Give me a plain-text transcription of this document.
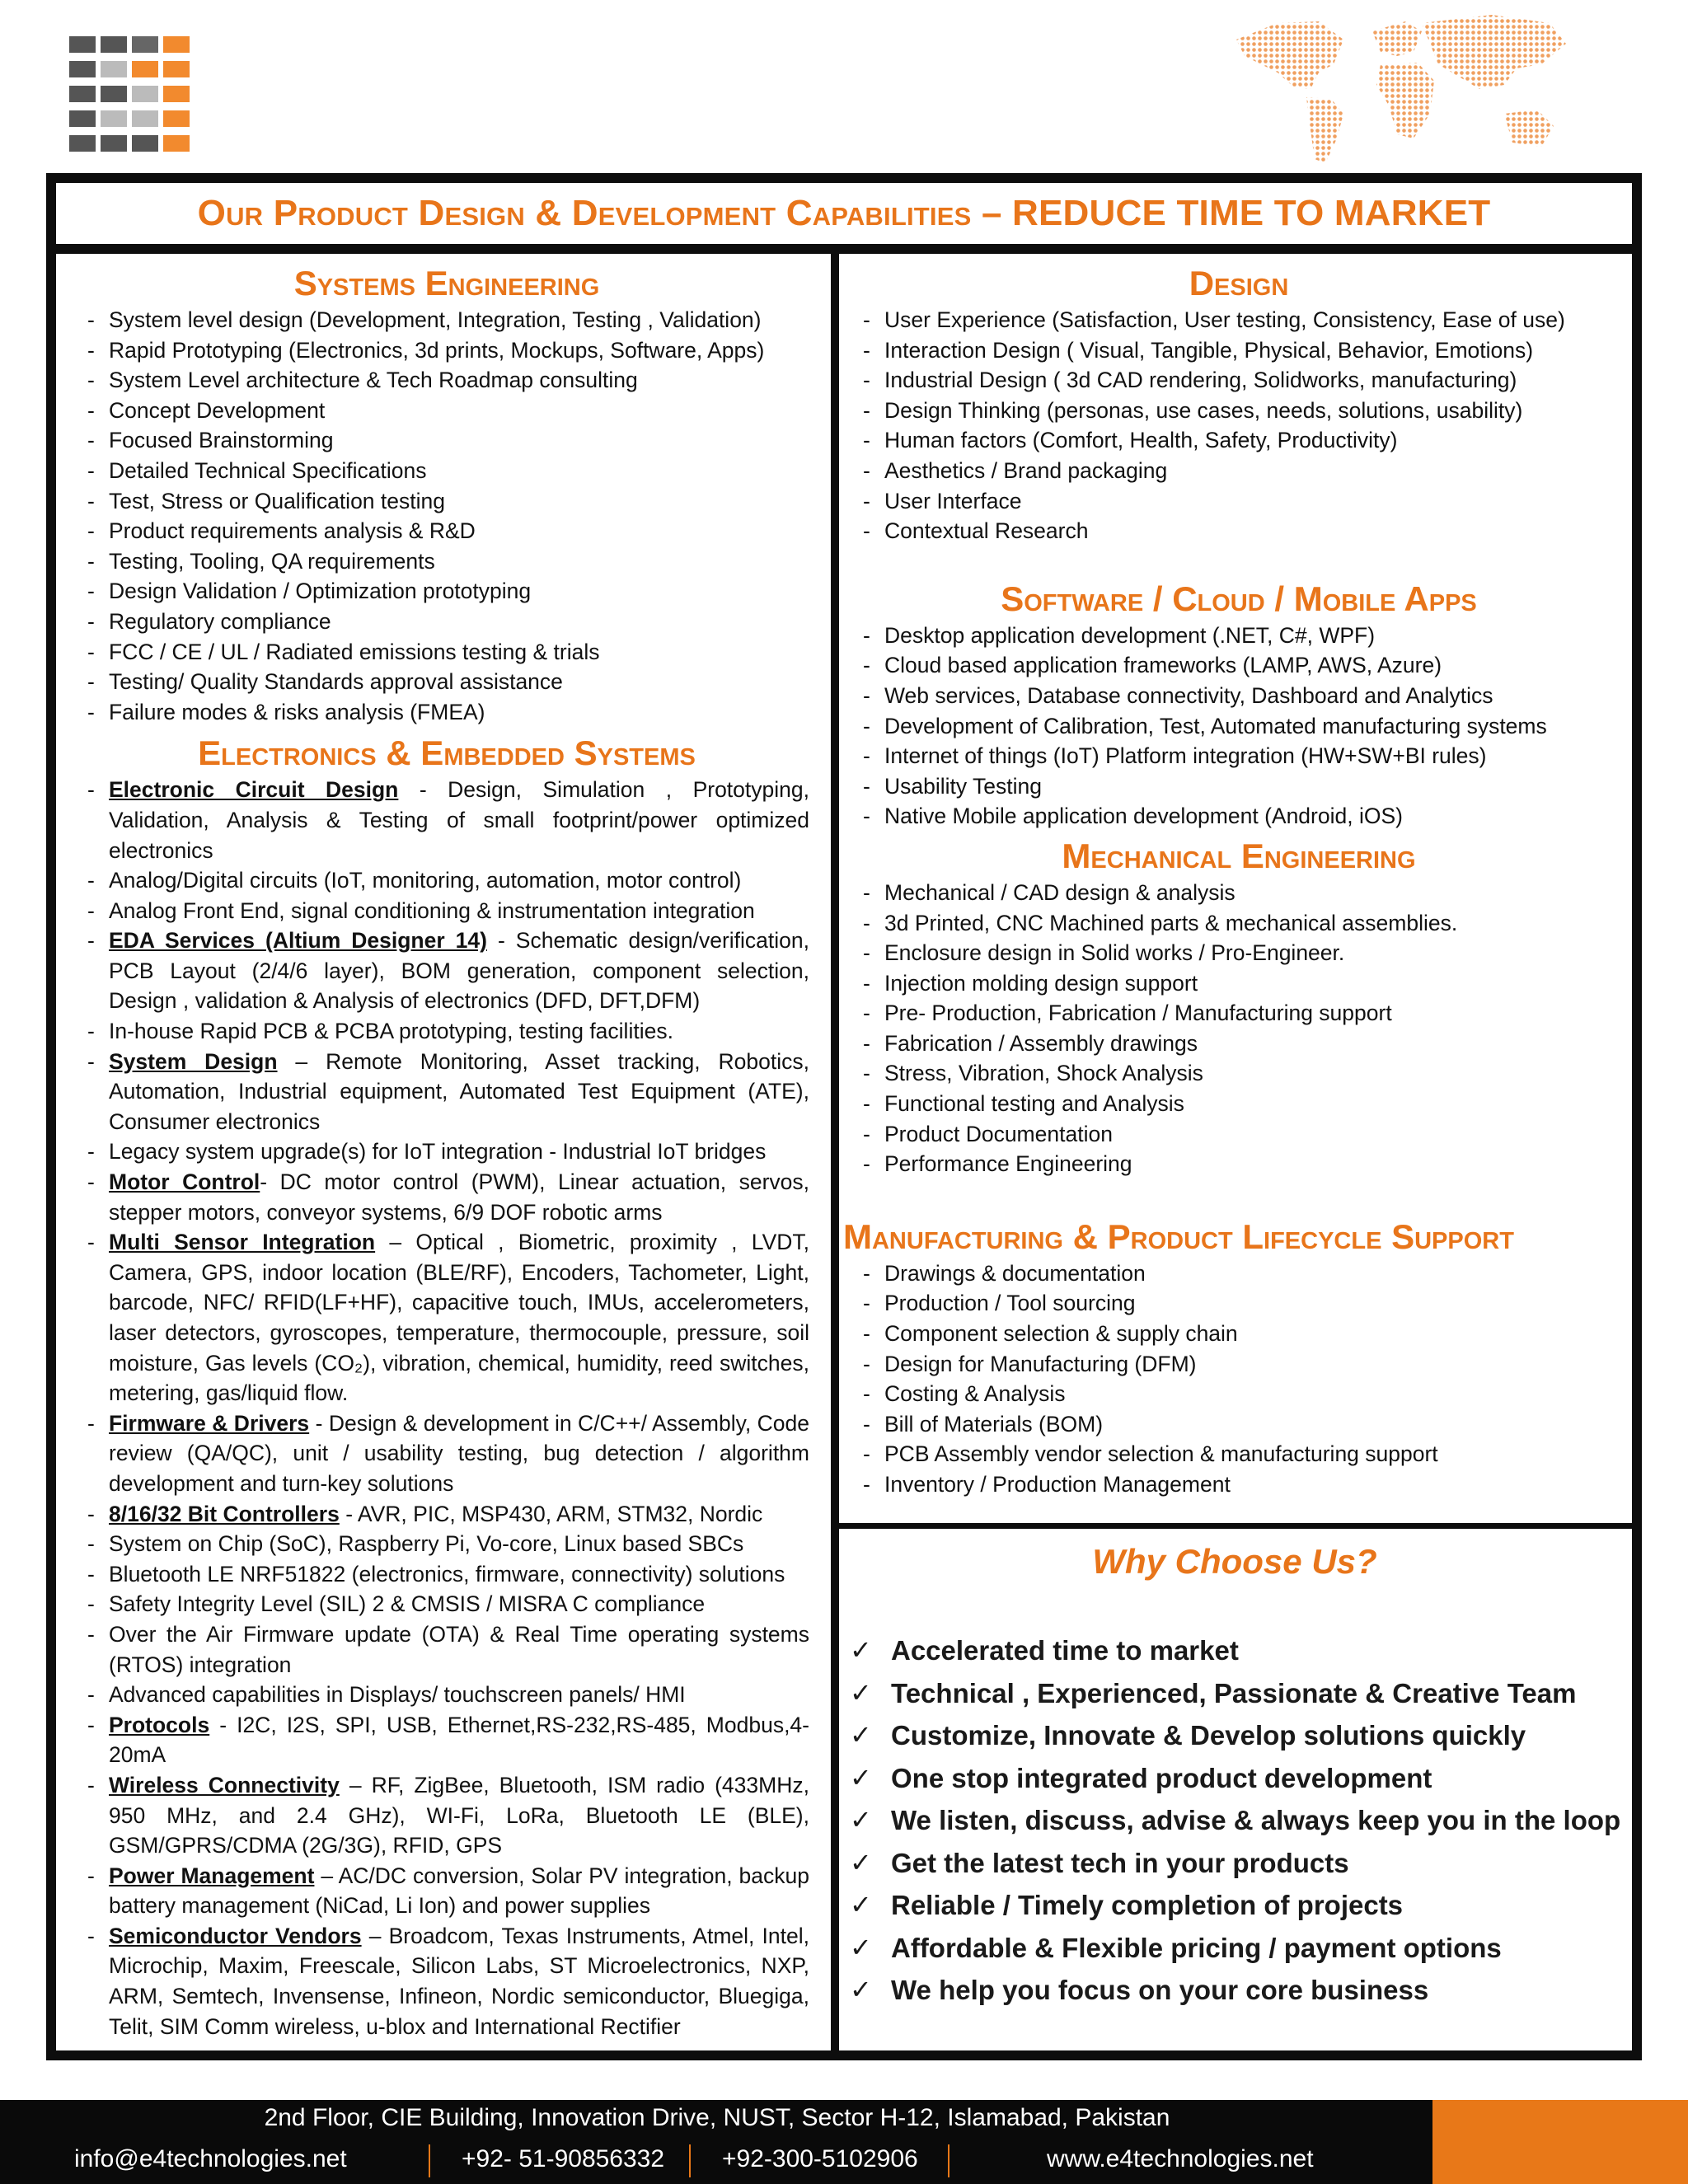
Our Product Design & Development Capabilities – REDUCE TIME TO MARKET
Systems Engineering
- System level design (Development, Integration, Testing , Validation)
- Rapid Prototyping (Electronics, 3d prints, Mockups, Software, Apps)
- System Level architecture & Tech Roadmap consulting
- Concept Development
- Focused Brainstorming
- Detailed Technical Specifications
- Test, Stress or Qualification testing
- Product requirements analysis & R&D
- Testing, Tooling, QA requirements
- Design Validation / Optimization prototyping
- Regulatory compliance
- FCC / CE / UL / Radiated emissions testing & trials
- Testing/ Quality Standards approval assistance
- Failure modes & risks analysis (FMEA)
Electronics & Embedded Systems
- Electronic Circuit Design - Design, Simulation , Prototyping, Validation, Analysis & Testing of small footprint/power optimized electronics
- Analog/Digital circuits (IoT, monitoring, automation, motor control)
- Analog Front End, signal conditioning & instrumentation integration
- EDA Services (Altium Designer 14) - Schematic design/verification, PCB Layout (2/4/6 layer), BOM generation, component selection, Design , validation & Analysis of electronics (DFD, DFT,DFM)
- In-house Rapid PCB & PCBA prototyping, testing facilities.
- System Design – Remote Monitoring, Asset tracking, Robotics, Automation, Industrial equipment, Automated Test Equipment (ATE), Consumer electronics
- Legacy system upgrade(s) for IoT integration - Industrial IoT bridges
- Motor Control- DC motor control (PWM), Linear actuation, servos, stepper motors, conveyor systems, 6/9 DOF robotic arms
- Multi Sensor Integration – Optical , Biometric, proximity , LVDT, Camera, GPS, indoor location (BLE/RF), Encoders, Tachometer, Light, barcode, NFC/ RFID(LF+HF), capacitive touch, IMUs, accelerometers, laser detectors, gyroscopes, temperature, thermocouple, pressure, soil moisture, Gas levels (CO₂), vibration, chemical, humidity, reed switches, metering, gas/liquid flow.
- Firmware & Drivers - Design & development in C/C++/ Assembly, Code review (QA/QC), unit / usability testing, bug detection / algorithm development and turn-key solutions
- 8/16/32 Bit Controllers - AVR, PIC, MSP430, ARM, STM32, Nordic
- System on Chip (SoC), Raspberry Pi, Vo-core, Linux based SBCs
- Bluetooth LE NRF51822 (electronics, firmware, connectivity) solutions
- Safety Integrity Level (SIL) 2 & CMSIS / MISRA C compliance
- Over the Air Firmware update (OTA) & Real Time operating systems (RTOS) integration
- Advanced capabilities in Displays/ touchscreen panels/ HMI
- Protocols - I2C, I2S, SPI, USB, Ethernet,RS-232,RS-485, Modbus,4-20mA
- Wireless Connectivity – RF, ZigBee, Bluetooth, ISM radio (433MHz, 950 MHz, and 2.4 GHz), WI-Fi, LoRa, Bluetooth LE (BLE), GSM/GPRS/CDMA (2G/3G), RFID, GPS
- Power Management – AC/DC conversion, Solar PV integration, backup battery management (NiCad, Li Ion) and power supplies
- Semiconductor Vendors – Broadcom, Texas Instruments, Atmel, Intel, Microchip, Maxim, Freescale, Silicon Labs, ST Microelectronics, NXP, ARM, Semtech, Invensense, Infineon, Nordic semiconductor, Bluegiga, Telit, SIM Comm wireless, u-blox and International Rectifier
Design
- User Experience (Satisfaction, User testing, Consistency, Ease of use)
- Interaction Design ( Visual, Tangible, Physical, Behavior, Emotions)
- Industrial Design ( 3d CAD rendering, Solidworks, manufacturing)
- Design Thinking (personas, use cases, needs, solutions, usability)
- Human factors (Comfort, Health, Safety, Productivity)
- Aesthetics / Brand packaging
- User Interface
- Contextual Research
Software / Cloud / Mobile Apps
- Desktop application development (.NET, C#, WPF)
- Cloud based application frameworks (LAMP, AWS, Azure)
- Web services, Database connectivity, Dashboard and Analytics
- Development of Calibration, Test, Automated manufacturing systems
- Internet of things (IoT) Platform integration (HW+SW+BI rules)
- Usability Testing
- Native Mobile application development (Android, iOS)
Mechanical Engineering
- Mechanical / CAD design & analysis
- 3d Printed, CNC Machined parts & mechanical assemblies.
- Enclosure design in Solid works / Pro-Engineer.
- Injection molding design support
- Pre- Production, Fabrication / Manufacturing support
- Fabrication / Assembly drawings
- Stress, Vibration, Shock Analysis
- Functional testing and Analysis
- Product Documentation
- Performance Engineering
Manufacturing & Product Lifecycle Support
- Drawings & documentation
- Production / Tool sourcing
- Component selection & supply chain
- Design for Manufacturing (DFM)
- Costing & Analysis
- Bill of Materials (BOM)
- PCB Assembly vendor selection & manufacturing support
- Inventory / Production Management
Why Choose Us?
✓ Accelerated time to market
✓ Technical , Experienced, Passionate & Creative Team
✓ Customize, Innovate & Develop solutions quickly
✓ One stop integrated product development
✓ We listen, discuss, advise & always keep you in the loop
✓ Get the latest tech in your products
✓ Reliable / Timely completion of projects
✓ Affordable & Flexible pricing / payment options
✓ We help you focus on your core business
2nd Floor, CIE Building, Innovation Drive, NUST, Sector H-12, Islamabad, Pakistan
info@e4technologies.net	+92- 51-90856332 +92-300-5102906	www.e4technologies.net
